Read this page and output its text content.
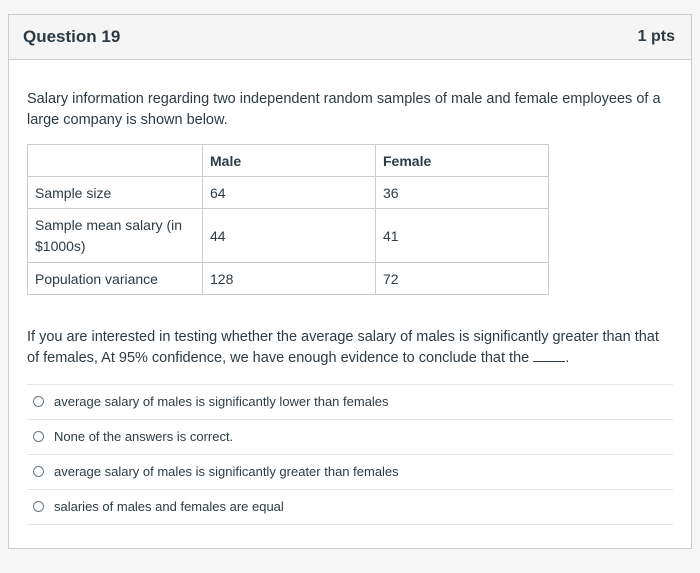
Question 19	1 pts

Salary information regarding two independent random samples of male and female employees of a large company is shown below.

	Male	Female
Sample size	64	36
Sample mean salary (in $1000s)	44	41
Population variance	128	72

If you are interested in testing whether the average salary of males is significantly greater than that of females, At 95% confidence, we have enough evidence to conclude that the .

average salary of males is significantly lower than females
None of the answers is correct.
average salary of males is significantly greater than females
salaries of males and females are equal
